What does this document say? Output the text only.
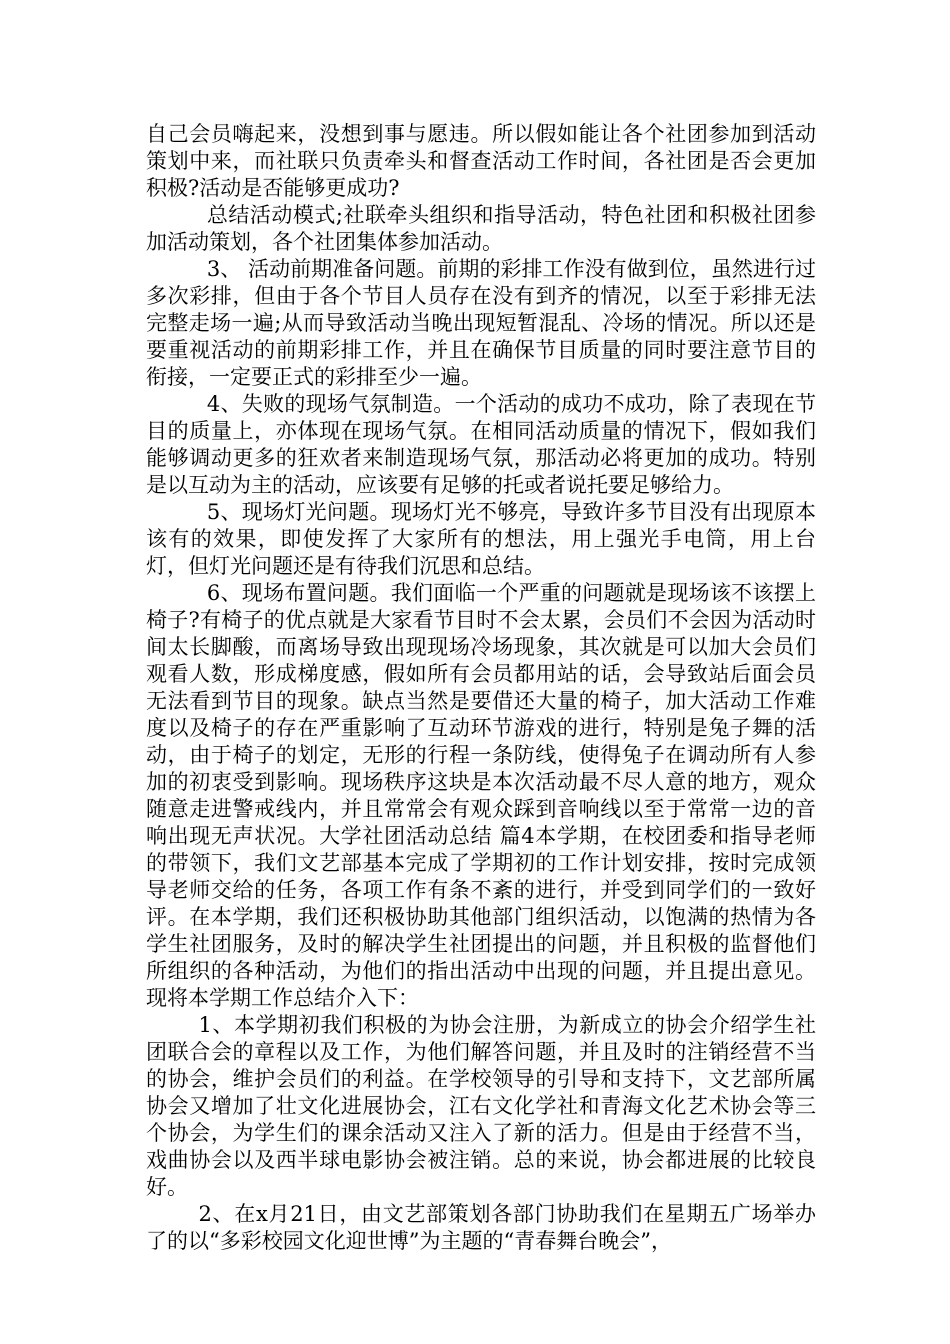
自己会员嗨起来，没想到事与愿违。所以假如能让各个社团参加到活动策划中来，而社联只负责牵头和督查活动工作时间，各社团是否会更加积极?活动是否能够更成功?

总结活动模式;社联牵头组织和指导活动，特色社团和积极社团参加活动策划，各个社团集体参加活动。

3、 活动前期准备问题。前期的彩排工作没有做到位，虽然进行过多次彩排，但由于各个节目人员存在没有到齐的情况，以至于彩排无法完整走场一遍;从而导致活动当晚出现短暂混乱、冷场的情况。所以还是要重视活动的前期彩排工作，并且在确保节目质量的同时要注意节目的衔接，一定要正式的彩排至少一遍。

4、失败的现场气氛制造。一个活动的成功不成功，除了表现在节目的质量上，亦体现在现场气氛。在相同活动质量的情况下，假如我们能够调动更多的狂欢者来制造现场气氛，那活动必将更加的成功。特别是以互动为主的活动，应该要有足够的托或者说托要足够给力。

5、现场灯光问题。现场灯光不够亮，导致许多节目没有出现原本该有的效果，即使发挥了大家所有的想法，用上强光手电筒，用上台灯，但灯光问题还是有待我们沉思和总结。

6、现场布置问题。我们面临一个严重的问题就是现场该不该摆上椅子?有椅子的优点就是大家看节目时不会太累，会员们不会因为活动时间太长脚酸，而离场导致出现现场冷场现象，其次就是可以加大会员们观看人数，形成梯度感，假如所有会员都用站的话，会导致站后面会员无法看到节目的现象。缺点当然是要借还大量的椅子，加大活动工作难度以及椅子的存在严重影响了互动环节游戏的进行，特别是兔子舞的活动，由于椅子的划定，无形的行程一条防线，使得兔子在调动所有人参加的初衷受到影响。现场秩序这块是本次活动最不尽人意的地方，观众随意走进警戒线内，并且常常会有观众踩到音响线以至于常常一边的音响出现无声状况。大学社团活动总结 篇4本学期，在校团委和指导老师的带领下，我们文艺部基本完成了学期初的工作计划安排，按时完成领导老师交给的任务，各项工作有条不紊的进行，并受到同学们的一致好评。在本学期，我们还积极协助其他部门组织活动，以饱满的热情为各学生社团服务，及时的解决学生社团提出的问题，并且积极的监督他们所组织的各种活动，为他们的指出活动中出现的问题，并且提出意见。现将本学期工作总结介入下：

1、本学期初我们积极的为协会注册，为新成立的协会介绍学生社团联合会的章程以及工作，为他们解答问题，并且及时的注销经营不当的协会，维护会员们的利益。在学校领导的引导和支持下，文艺部所属协会又增加了壮文化进展协会，江右文化学社和青海文化艺术协会等三个协会，为学生们的课余活动又注入了新的活力。但是由于经营不当，戏曲协会以及西半球电影协会被注销。总的来说，协会都进展的比较良好。

2、在x月21日，由文艺部策划各部门协助我们在星期五广场举办了的以“多彩校园文化迎世博”为主题的“青春舞台晚会”，
